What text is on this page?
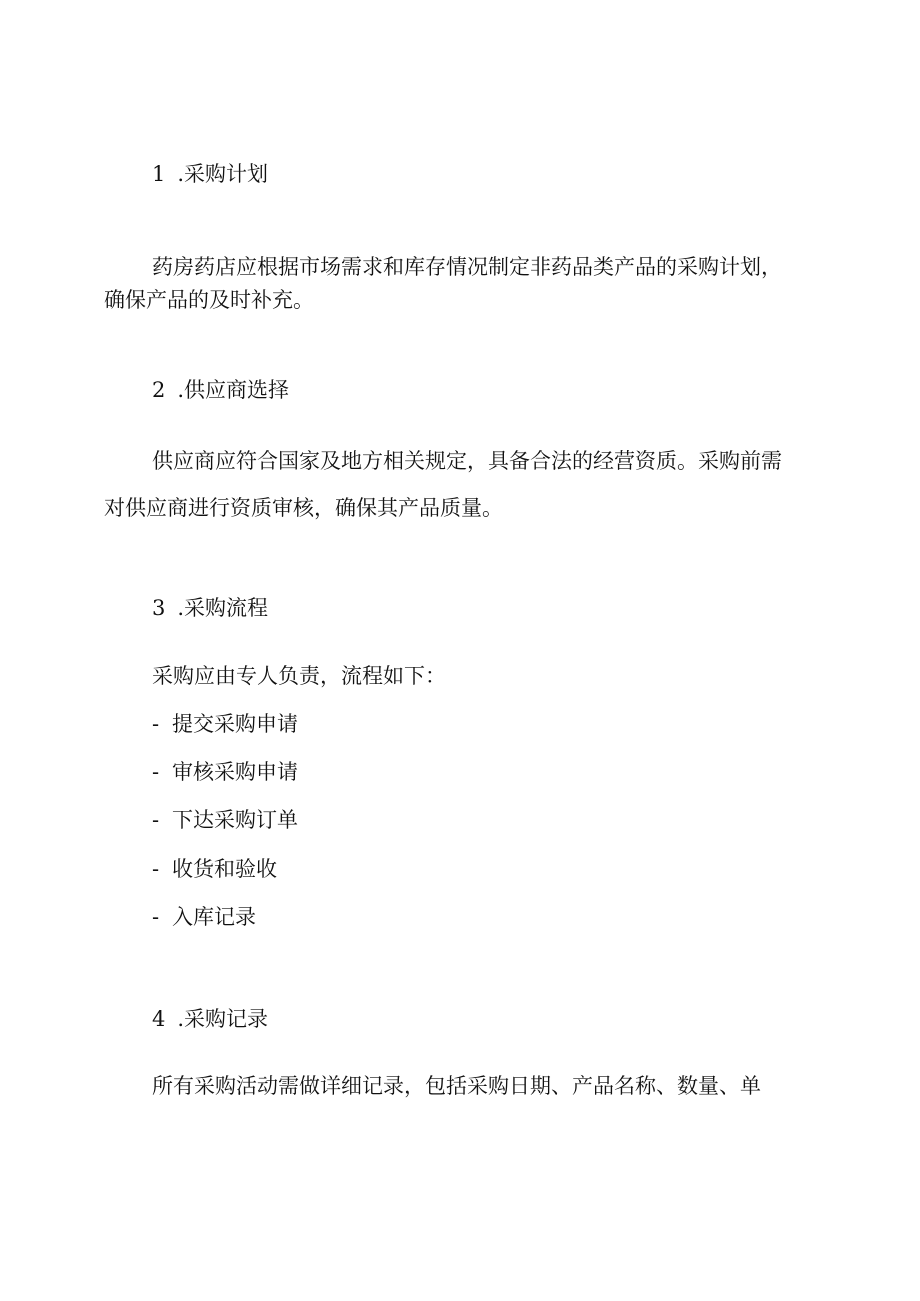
1 .采购计划
药房药店应根据市场需求和库存情况制定非药品类产品的采购计划，
确保产品的及时补充。
2 .供应商选择
供应商应符合国家及地方相关规定，具备合法的经营资质。采购前需
对供应商进行资质审核，确保其产品质量。
3 .采购流程
采购应由专人负责，流程如下：
- 提交采购申请
- 审核采购申请
- 下达采购订单
- 收货和验收
- 入库记录
4 .采购记录
所有采购活动需做详细记录，包括采购日期、产品名称、数量、单
